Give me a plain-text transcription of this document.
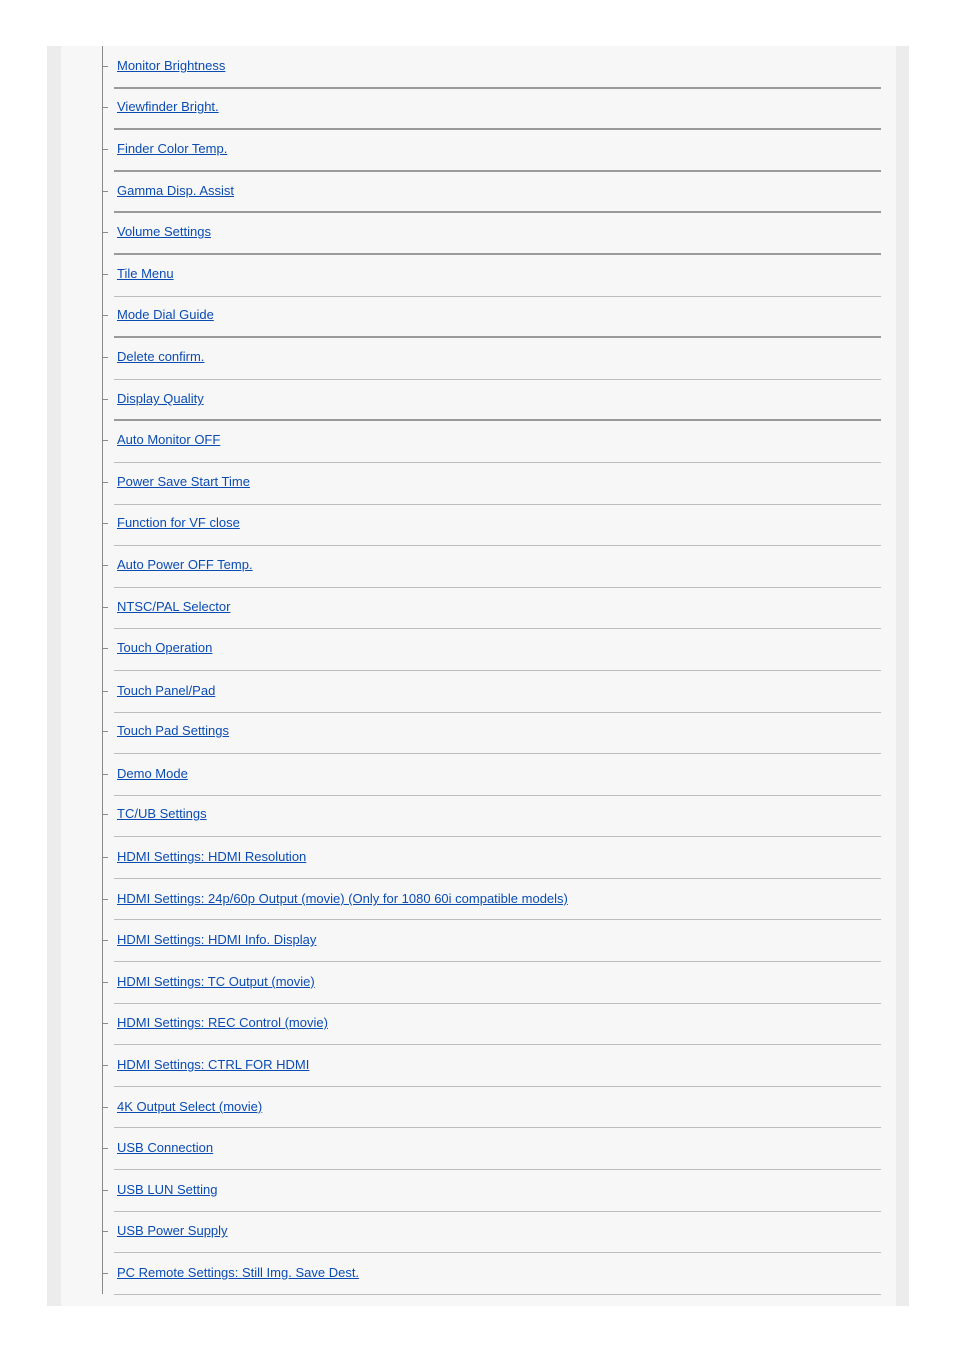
Monitor Brightness
Viewfinder Bright.
Finder Color Temp.
Gamma Disp. Assist
Volume Settings
Tile Menu
Mode Dial Guide
Delete confirm.
Display Quality
Auto Monitor OFF
Power Save Start Time
Function for VF close
Auto Power OFF Temp.
NTSC/PAL Selector
Touch Operation
Touch Panel/Pad
Touch Pad Settings
Demo Mode
TC/UB Settings
HDMI Settings: HDMI Resolution
HDMI Settings: 24p/60p Output (movie) (Only for 1080 60i compatible models)
HDMI Settings: HDMI Info. Display
HDMI Settings: TC Output (movie)
HDMI Settings: REC Control (movie)
HDMI Settings: CTRL FOR HDMI
4K Output Select (movie)
USB Connection
USB LUN Setting
USB Power Supply
PC Remote Settings: Still Img. Save Dest.
